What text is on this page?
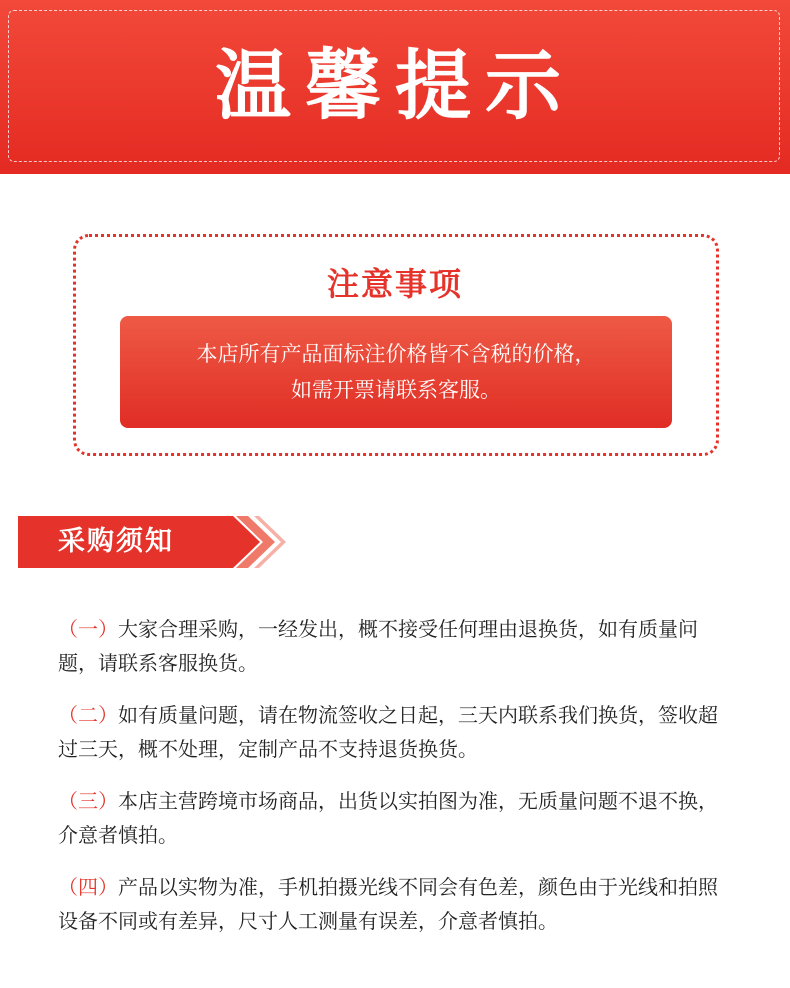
温馨提示
注意事项
本店所有产品面标注价格皆不含税的价格，
如需开票请联系客服。
采购须知

（一）大家合理采购，一经发出，概不接受任何理由退换货，如有质量问题，请联系客服换货。

（二）如有质量问题，请在物流签收之日起，三天内联系我们换货，签收超过三天，概不处理，定制产品不支持退货换货。

（三）本店主营跨境市场商品，出货以实拍图为准，无质量问题不退不换，介意者慎拍。

（四）产品以实物为准，手机拍摄光线不同会有色差，颜色由于光线和拍照设备不同或有差异，尺寸人工测量有误差，介意者慎拍。
